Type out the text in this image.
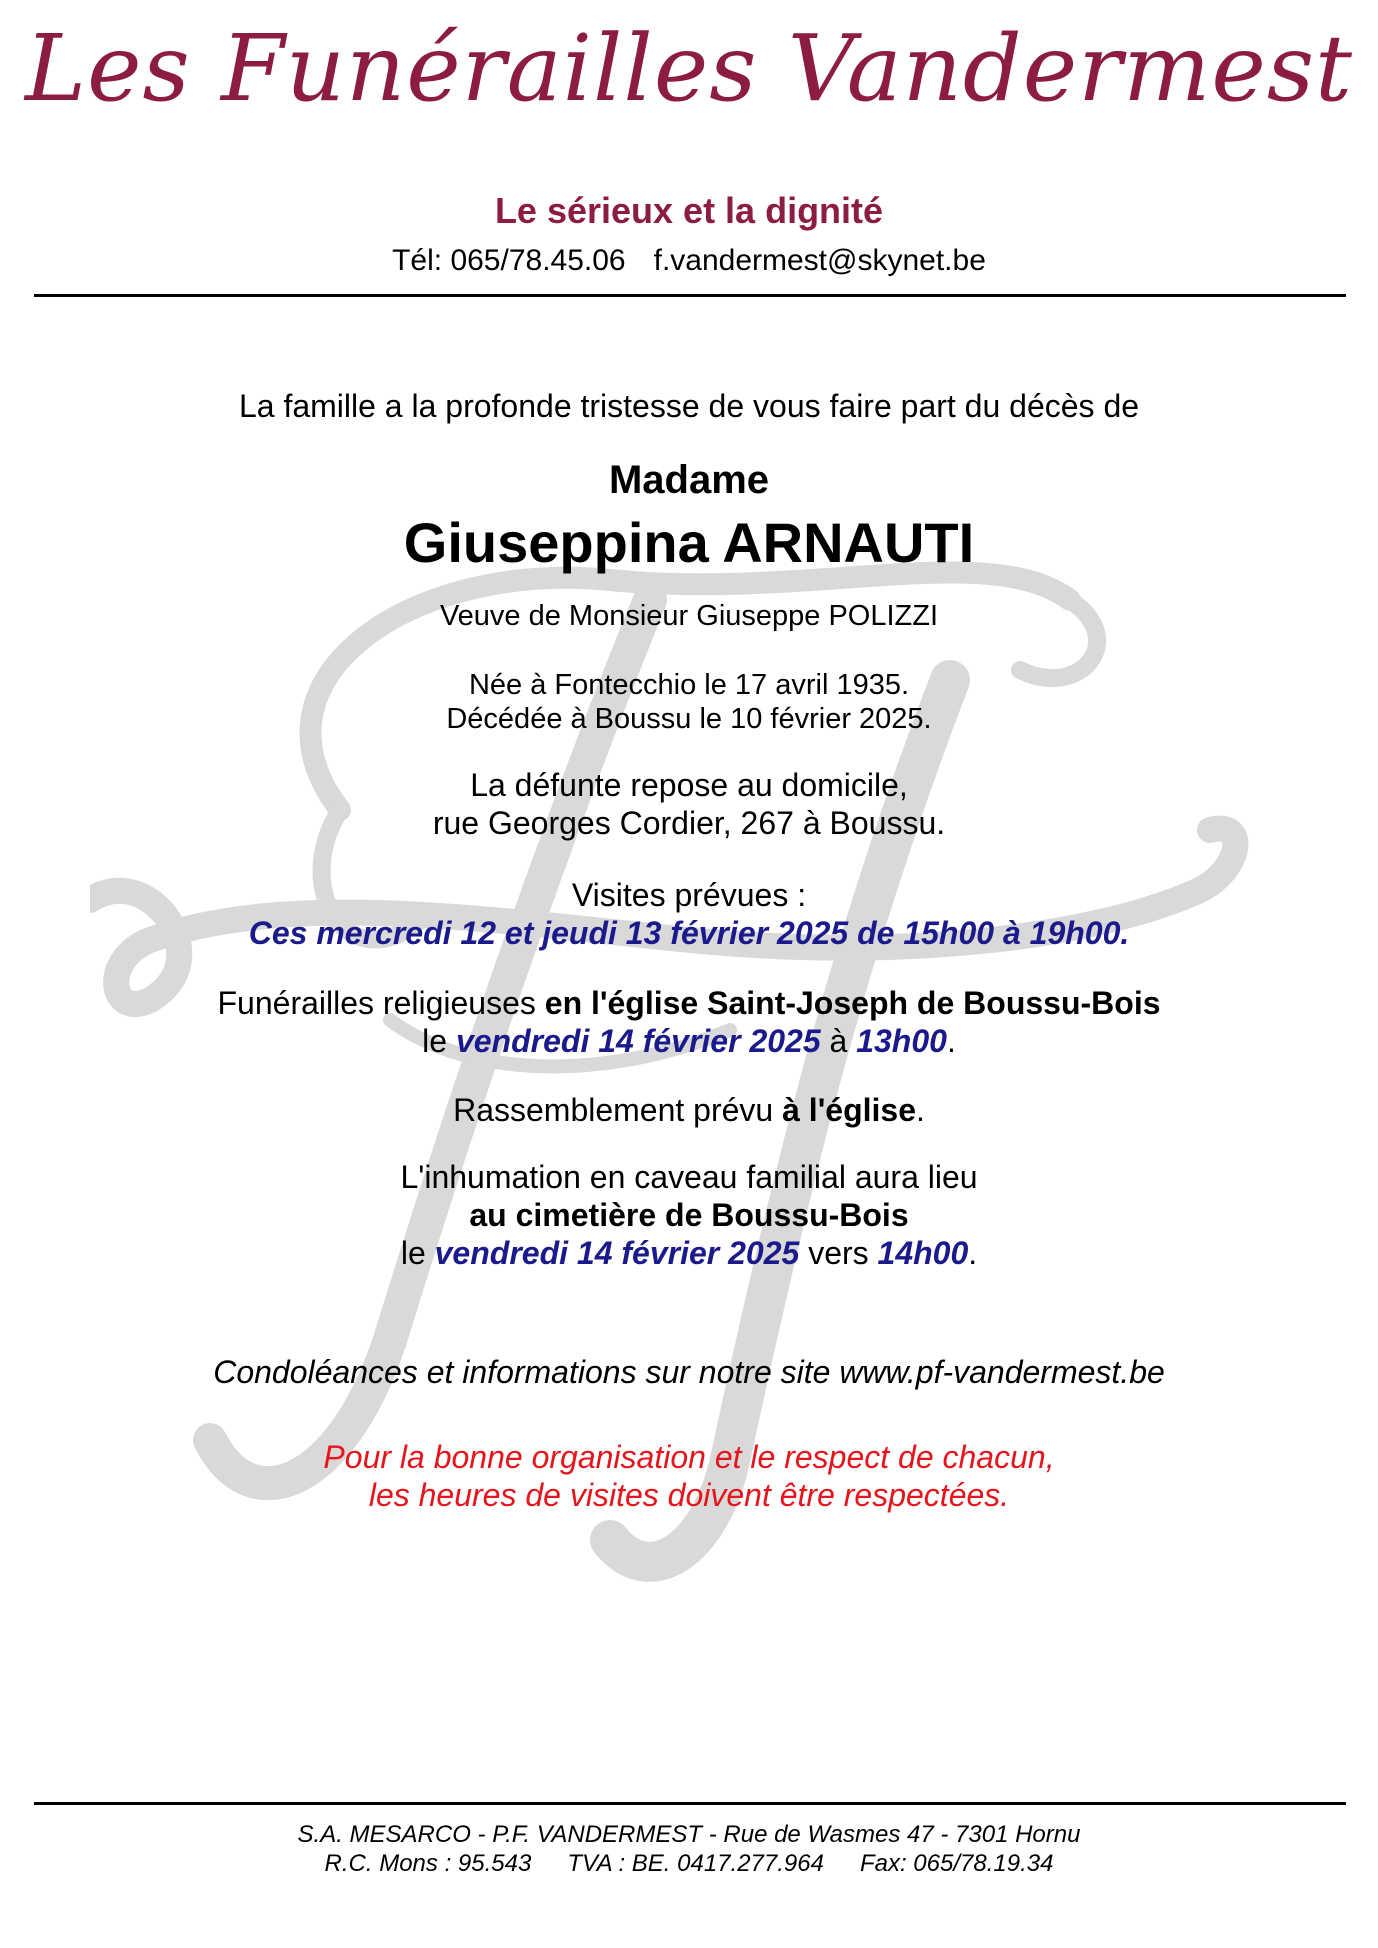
Les Funérailles Vandermest
Le sérieux et la dignité
Tél: 065/78.45.06 f.vandermest@skynet.be
La famille a la profonde tristesse de vous faire part du décès de
Madame
Giuseppina ARNAUTI
Veuve de Monsieur Giuseppe POLIZZI
Née à Fontecchio le 17 avril 1935.
Décédée à Boussu le 10 février 2025.
La défunte repose au domicile,
rue Georges Cordier, 267 à Boussu.
Visites prévues :
Ces mercredi 12 et jeudi 13 février 2025 de 15h00 à 19h00.
Funérailles religieuses en l'église Saint-Joseph de Boussu-Bois
le vendredi 14 février 2025 à 13h00.
Rassemblement prévu à l'église.
L'inhumation en caveau familial aura lieu
au cimetière de Boussu-Bois
le vendredi 14 février 2025 vers 14h00.
Condoléances et informations sur notre site www.pf-vandermest.be
Pour la bonne organisation et le respect de chacun,
les heures de visites doivent être respectées.
S.A. MESARCO - P.F. VANDERMEST - Rue de Wasmes 47 - 7301 Hornu
R.C. Mons : 95.543 TVA : BE. 0417.277.964 Fax: 065/78.19.34
